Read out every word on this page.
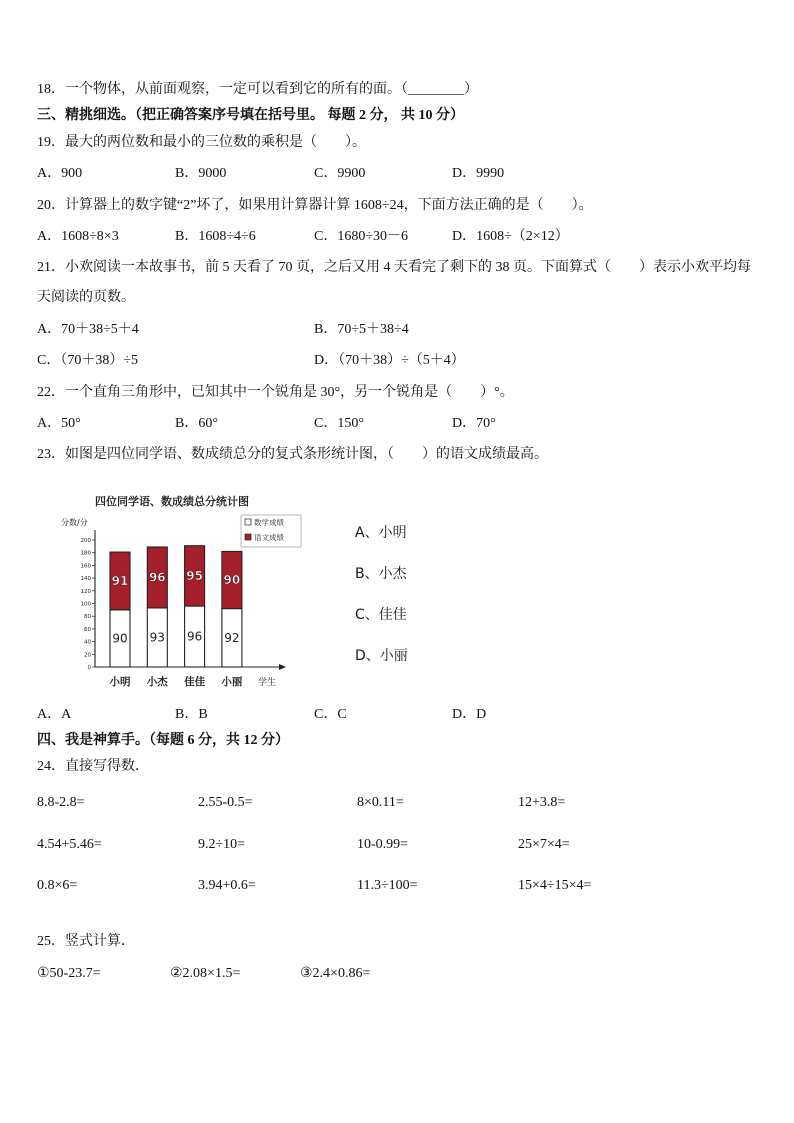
18．一个物体，从前面观察，一定可以看到它的所有的面。（________）
三、精挑细选。（把正确答案序号填在括号里。 每题 2 分， 共 10 分）
19．最大的两位数和最小的三位数的乘积是（　　）。
A．900	B．9000	C．9900	D．9990
20．计算器上的数字键“2”坏了，如果用计算器计算 1608÷24，下面方法正确的是（　　）。
A．1608÷8×3	B．1608÷4÷6	C．1680÷30－6	D．1608÷（2×12）
21．小欢阅读一本故事书，前 5 天看了 70 页，之后又用 4 天看完了剩下的 38 页。下面算式（　　）表示小欢平均每天阅读的页数。
A．70＋38÷5＋4	B．70÷5＋38÷4
C．（70＋38）÷5	D．（70＋38）÷（5＋4）
22．一个直角三角形中，已知其中一个锐角是 30°，另一个锐角是（　　）°。
A．50°	B．60°	C．150°	D．70°
23．如图是四位同学语、数成绩总分的复式条形统计图，（　　）的语文成绩最高。
四位同学语、数成绩总分统计图
分数/分
学生
0
20
40
60
80
100
120
140
160
180
200
90
91
小明
93
96
小杰
96
95
佳佳
92
90
小丽
数学成绩
语文成绩	A、小明
B、小杰
C、佳佳
D、小丽
A．A	B．B	C．C	D．D
四、我是神算手。（每题 6 分，共 12 分）
24．直接写得数．
8.8-2.8=	2.55-0.5=	8×0.11=	12+3.8=
4.54+5.46=	9.2÷10=	10-0.99=	25×7×4=
0.8×6=	3.94+0.6=	11.3÷100=	15×4÷15×4=
25．竖式计算．
①50-23.7=	②2.08×1.5=	③2.4×0.86=
